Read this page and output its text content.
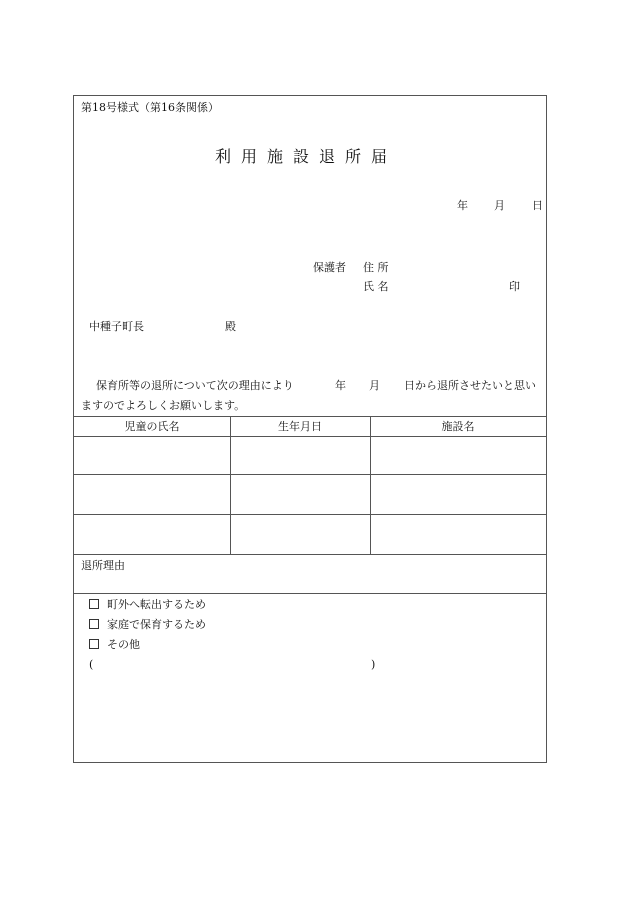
第18号様式（第16条関係）
利用施設退所届
年 月 日
保護者 住 所
氏 名	印
中種子町長	殿
保育所等の退所について次の理由により	年 月 日から退所させたいと思い
ますのでよろしくお願いします。
児童の氏名	生年月日	施設名
退所理由
町外へ転出するため
家庭で保育するため
その他
(	)
